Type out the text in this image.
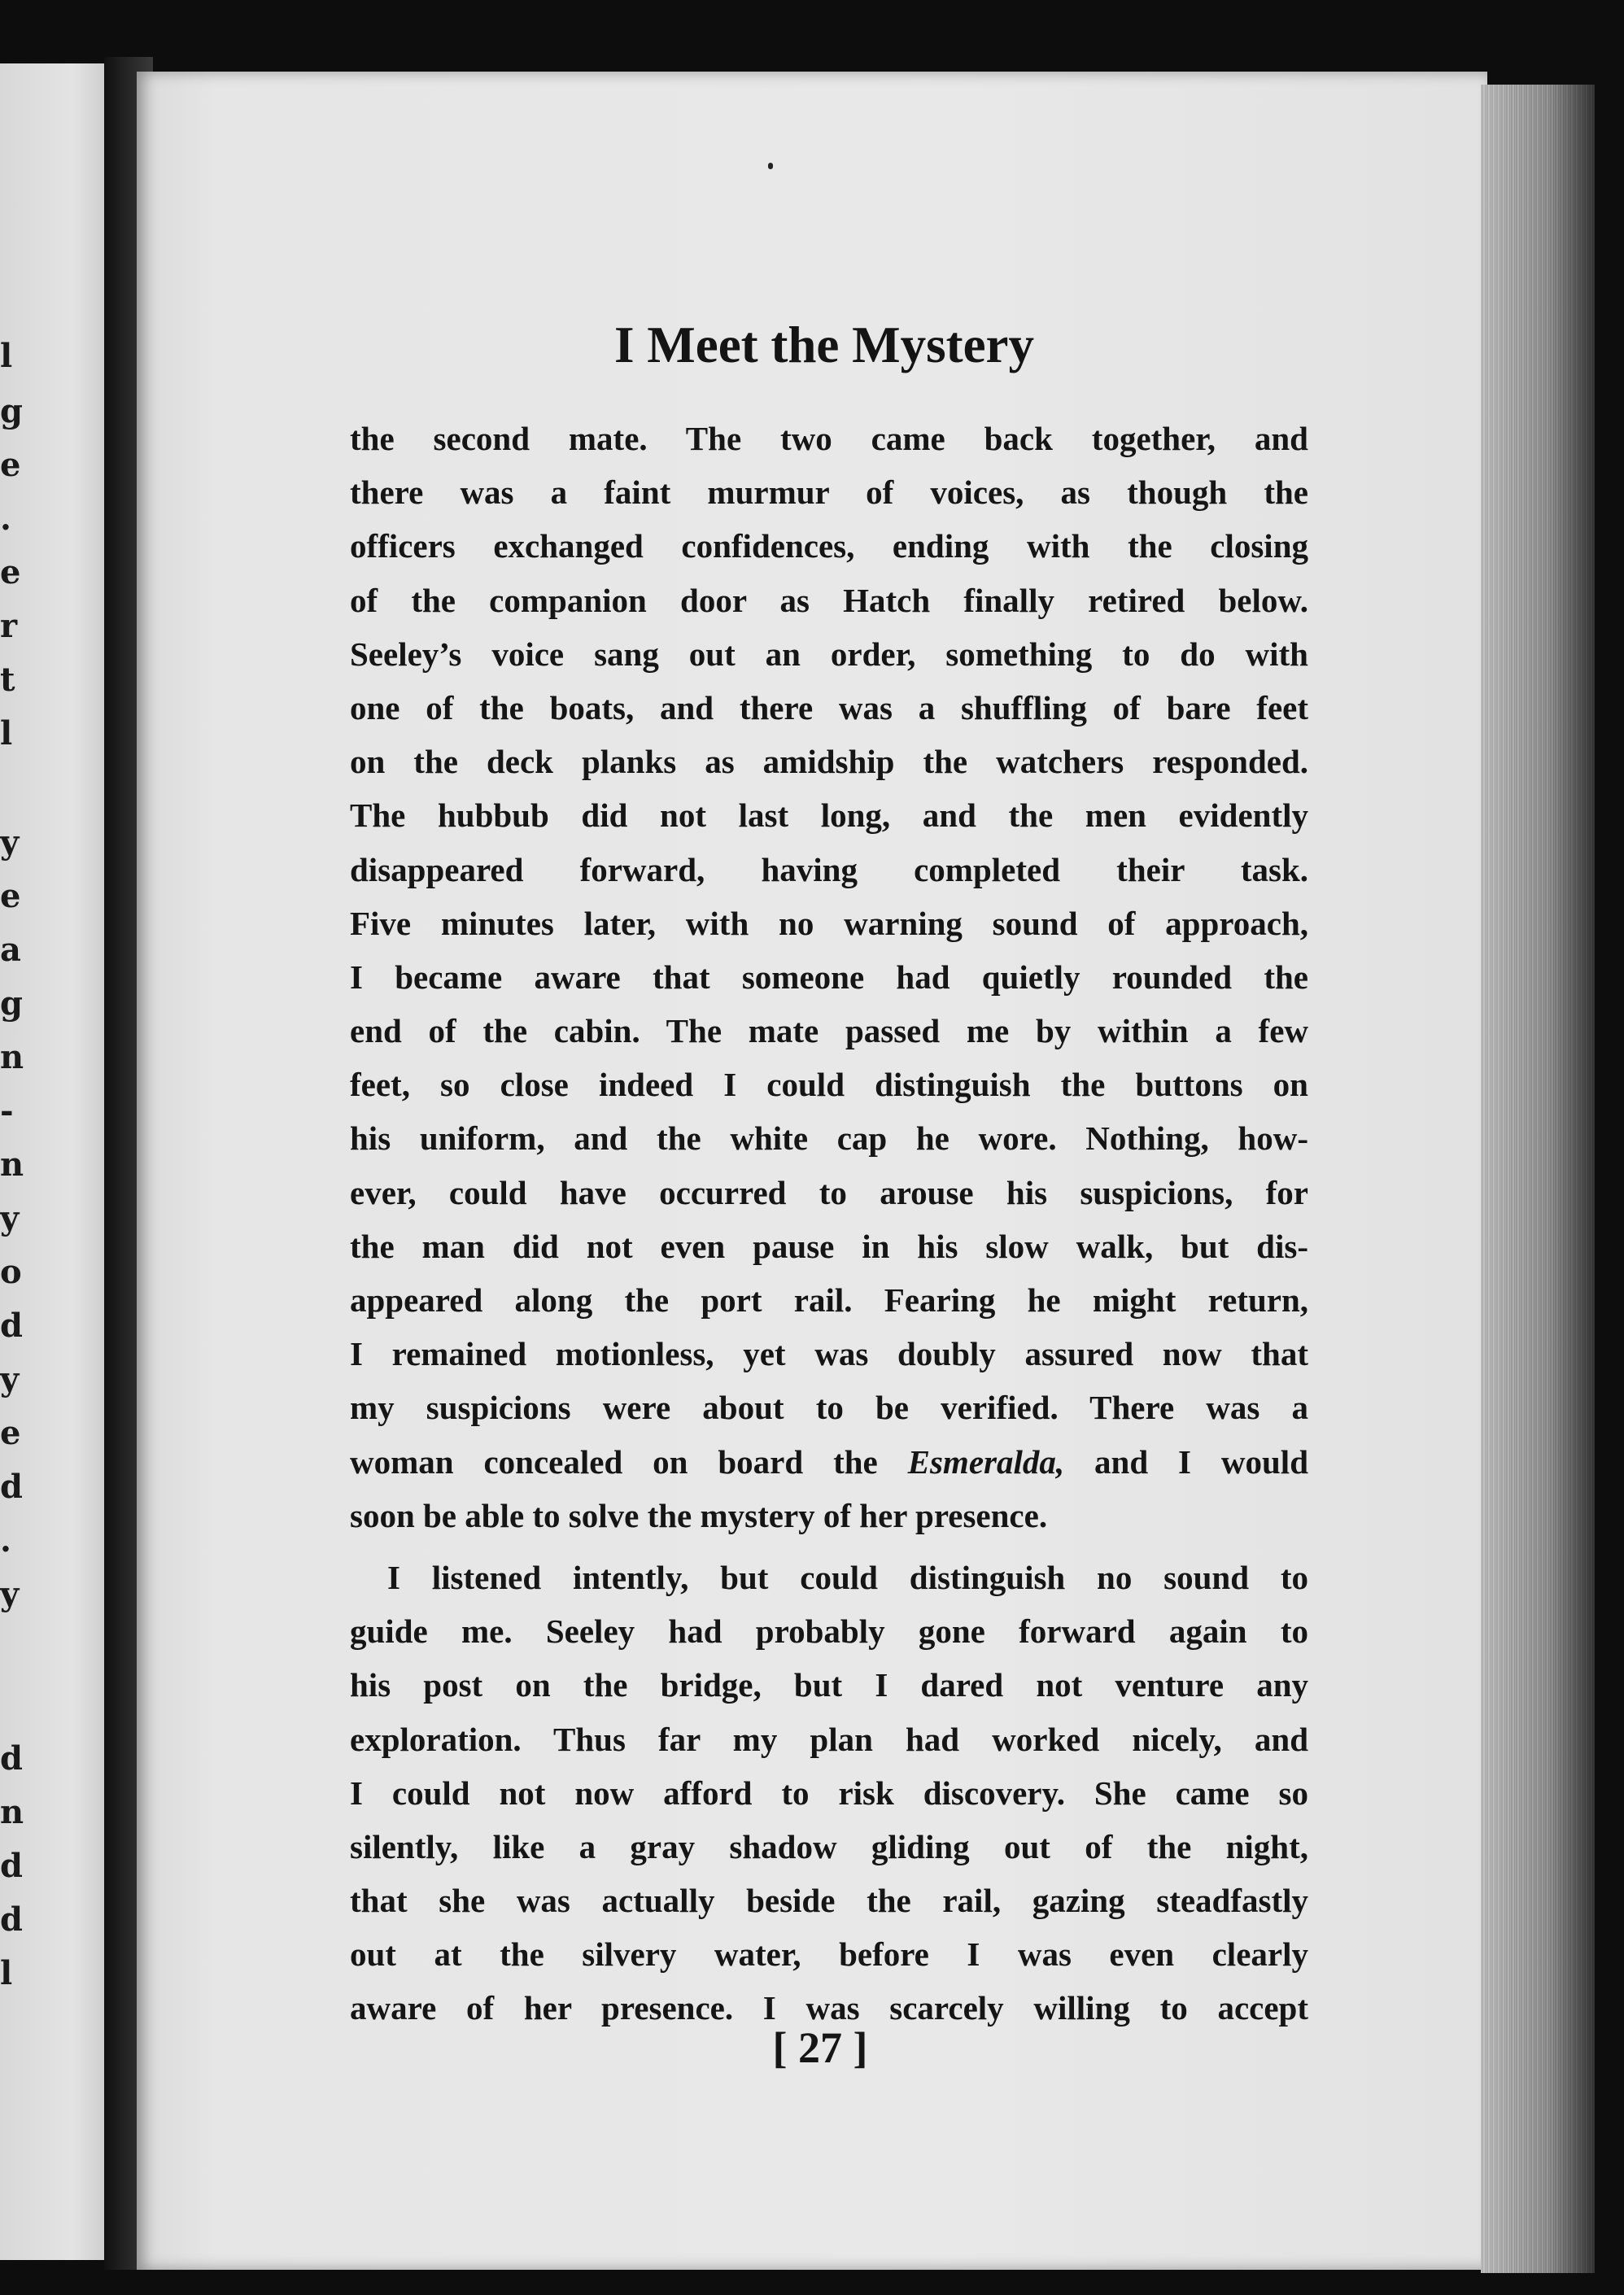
l
g
e
.
e
r
t
l
y
e
a
g
n
-
n
y
o
d
y
e
d
.
y
d
n
d
d
l
I Meet the Mystery
the second mate. The two came back together, and
there was a faint murmur of voices, as though the
officers exchanged confidences, ending with the closing
of the companion door as Hatch finally retired below.
Seeley’s voice sang out an order, something to do with
one of the boats, and there was a shuffling of bare feet
on the deck planks as amidship the watchers responded.
The hubbub did not last long, and the men evidently
disappeared forward, having completed their task.
Five minutes later, with no warning sound of approach,
I became aware that someone had quietly rounded the
end of the cabin. The mate passed me by within a few
feet, so close indeed I could distinguish the buttons on
his uniform, and the white cap he wore. Nothing, how-
ever, could have occurred to arouse his suspicions, for
the man did not even pause in his slow walk, but dis-
appeared along the port rail. Fearing he might return,
I remained motionless, yet was doubly assured now that
my suspicions were about to be verified. There was a
woman concealed on board the Esmeralda, and I would
soon be able to solve the mystery of her presence.
I listened intently, but could distinguish no sound to
guide me. Seeley had probably gone forward again to
his post on the bridge, but I dared not venture any
exploration. Thus far my plan had worked nicely, and
I could not now afford to risk discovery. She came so
silently, like a gray shadow gliding out of the night,
that she was actually beside the rail, gazing steadfastly
out at the silvery water, before I was even clearly
aware of her presence. I was scarcely willing to accept
[ 27 ]
